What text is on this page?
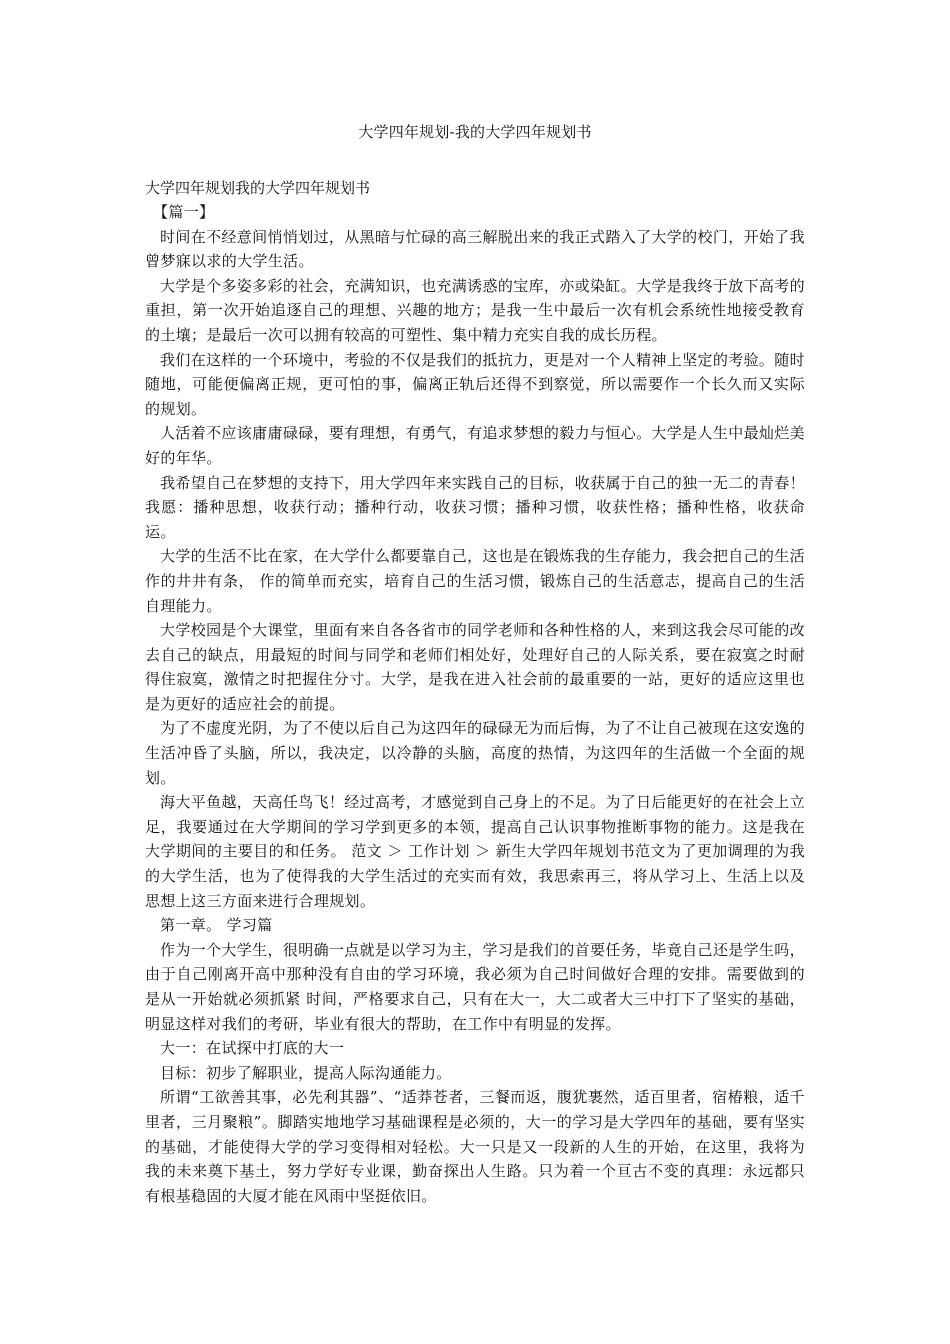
大学四年规划-我的大学四年规划书
大学四年规划我的大学四年规划书

【篇一】

时间在不经意间悄悄划过，从黑暗与忙碌的高三解脱出来的我正式踏入了大学的校门，开始了我曾梦寐以求的大学生活。

大学是个多姿多彩的社会，充满知识，也充满诱惑的宝库，亦或染缸。大学是我终于放下高考的重担，第一次开始追逐自己的理想、兴趣的地方；是我一生中最后一次有机会系统性地接受教育的土壤；是最后一次可以拥有较高的可塑性、集中精力充实自我的成长历程。

我们在这样的一个环境中，考验的不仅是我们的抵抗力，更是对一个人精神上坚定的考验。随时随地，可能便偏离正规，更可怕的事，偏离正轨后还得不到察觉，所以需要作一个长久而又实际的规划。

人活着不应该庸庸碌碌，要有理想，有勇气，有追求梦想的毅力与恒心。大学是人生中最灿烂美好的年华。

我希望自己在梦想的支持下，用大学四年来实践自己的目标，收获属于自己的独一无二的青春！我愿：播种思想，收获行动；播种行动，收获习惯；播种习惯，收获性格；播种性格，收获命运。

大学的生活不比在家，在大学什么都要靠自己，这也是在锻炼我的生存能力，我会把自己的生活作的井井有条， 作的简单而充实，培育自己的生活习惯，锻炼自己的生活意志，提高自己的生活自理能力。

大学校园是个大课堂，里面有来自各各省市的同学老师和各种性格的人，来到这我会尽可能的改去自己的缺点，用最短的时间与同学和老师们相处好，处理好自己的人际关系，要在寂寞之时耐得住寂寞，激情之时把握住分寸。大学，是我在进入社会前的最重要的一站，更好的适应这里也是为更好的适应社会的前提。

为了不虚度光阴，为了不使以后自己为这四年的碌碌无为而后悔，为了不让自己被现在这安逸的生活冲昏了头脑，所以，我决定，以冷静的头脑，高度的热情，为这四年的生活做一个全面的规划。

海大平鱼越，天高任鸟飞！经过高考，才感觉到自己身上的不足。为了日后能更好的在社会上立足，我要通过在大学期间的学习学到更多的本领，提高自己认识事物推断事物的能力。这是我在大学期间的主要目的和任务。 范文 ＞ 工作计划 ＞ 新生大学四年规划书范文为了更加调理的为我的大学生活，也为了使得我的大学生活过的充实而有效，我思索再三，将从学习上、生活上以及思想上这三方面来进行合理规划。

第一章。 学习篇

作为一个大学生，很明确一点就是以学习为主，学习是我们的首要任务，毕竟自己还是学生吗，由于自己刚离开高中那种没有自由的学习环境，我必须为自己时间做好合理的安排。需要做到的是从一开始就必须抓紧 时间，严格要求自己，只有在大一，大二或者大三中打下了坚实的基础，明显这样对我们的考研，毕业有很大的帮助，在工作中有明显的发挥。

大一：在试探中打底的大一

目标：初步了解职业，提高人际沟通能力。

所谓“工欲善其事，必先利其器”、“适莽苍者，三餐而返，腹犹裹然，适百里者，宿椿粮，适千里者，三月聚粮”。脚踏实地地学习基础课程是必须的，大一的学习是大学四年的基础，要有坚实的基础，才能使得大学的学习变得相对轻松。大一只是又一段新的人生的开始，在这里，我将为我的未来奠下基土，努力学好专业课，勤奋探出人生路。只为着一个亘古不变的真理：永远都只有根基稳固的大厦才能在风雨中坚挺依旧。
